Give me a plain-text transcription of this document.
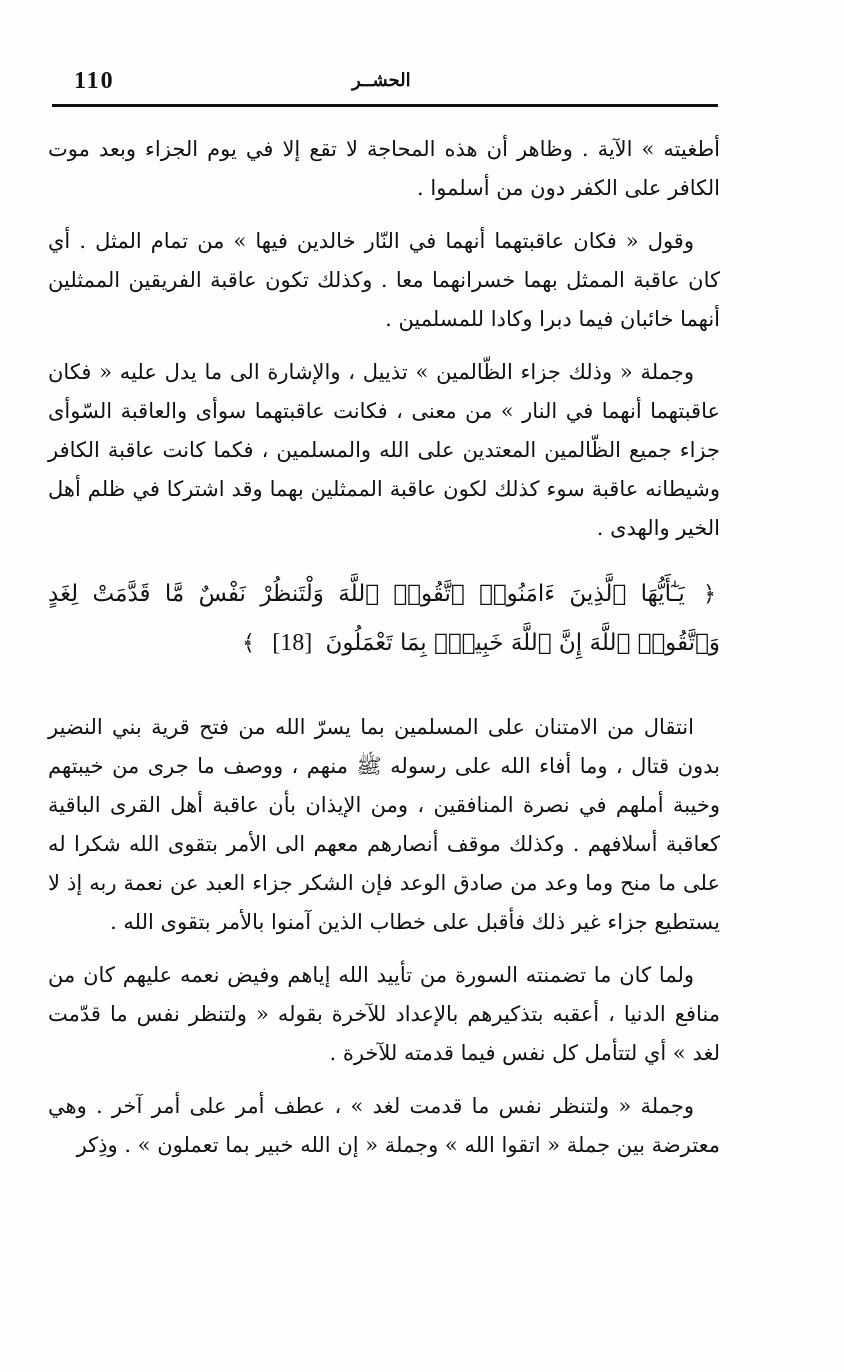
110	الحشــر

أطغيته » الآية . وظاهر أن هذه المحاجة لا تقع إلا في يوم الجزاء وبعد موت الكافر على الكفر دون من أسلموا .

وقول « فكان عاقبتهما أنهما في النّار خالدين فيها » من تمام المثل . أي كان عاقبة الممثل بهما خسرانهما معا . وكذلك تكون عاقبة الفريقين الممثلين أنهما خائبان فيما دبرا وكادا للمسلمين .

وجملة « وذلك جزاء الظّالمين » تذييل ، والإشارة الى ما يدل عليه « فكان عاقبتهما أنهما في النار » من معنى ، فكانت عاقبتهما سوأى والعاقبة السّوأى جزاء جميع الظّالمين المعتدين على الله والمسلمين ، فكما كانت عاقبة الكافر وشيطانه عاقبة سوء كذلك لكون عاقبة الممثلين بهما وقد اشتركا في ظلم أهل الخير والهدى .

﴿ يَـٰٓأَيُّهَا ٱلَّذِينَ ءَامَنُوا۟ ٱتَّقُوا۟ ٱللَّهَ وَلْتَنظُرْ نَفْسٌ مَّا قَدَّمَتْ لِغَدٍ وَٱتَّقُوا۟ ٱللَّهَ إِنَّ ٱللَّهَ خَبِيرٌۢ بِمَا تَعْمَلُونَ [18] ﴾

انتقال من الامتنان على المسلمين بما يسرّ الله من فتح قرية بني النضير بدون قتال ، وما أفاء الله على رسوله ﷺ منهم ، ووصف ما جرى من خيبتهم وخيبة أملهم في نصرة المنافقين ، ومن الإيذان بأن عاقبة أهل القرى الباقية كعاقبة أسلافهم . وكذلك موقف أنصارهم معهم الى الأمر بتقوى الله شكرا له على ما منح وما وعد من صادق الوعد فإن الشكر جزاء العبد عن نعمة ربه إذ لا يستطيع جزاء غير ذلك فأقبل على خطاب الذين آمنوا بالأمر بتقوى الله .

ولما كان ما تضمنته السورة من تأييد الله إياهم وفيض نعمه عليهم كان من منافع الدنيا ، أعقبه بتذكيرهم بالإعداد للآخرة بقوله « ولتنظر نفس ما قدّمت لغد » أي لتتأمل كل نفس فيما قدمته للآخرة .

وجملة « ولتنظر نفس ما قدمت لغد » ، عطف أمر على أمر آخر . وهي معترضة بين جملة « اتقوا الله » وجملة « إن الله خبير بما تعملون » . وذِكر
